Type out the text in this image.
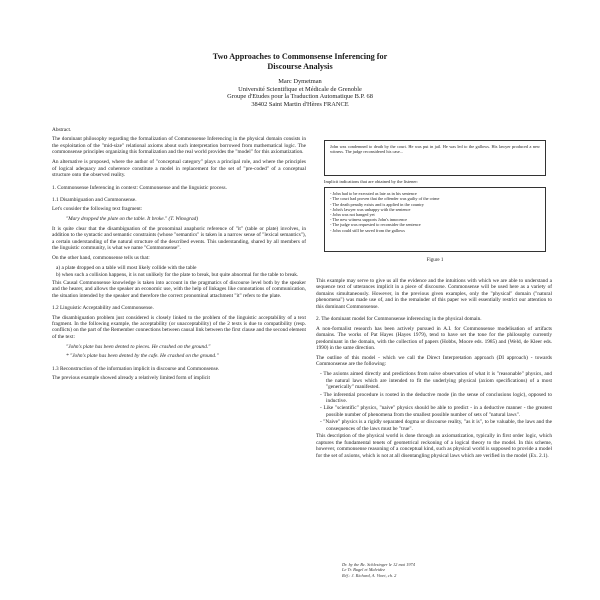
Two Approaches to Commonsense Inferencing for
Discourse Analysis
Marc Dymetman
Université Scientifique et Médicale de Grenoble
Groupe d'Etudes pour la Traduction Automatique B.P. 68
38402 Saint Martin d'Hères FRANCE

Abstract.

The dominant philosophy regarding the formalization of Commonsense Inferencing in the physical domain consists in the exploitation of the "mid-size" relational axioms about such interpretation borrowed from mathematical logic. The commonsense principles organizing this formalization and the real world provides the "model" for this axiomatization.

An alternative is proposed, where the author of "conceptual category" plays a principal role, and where the principles of logical adequacy and coherence constitute a model in replacement for the set of "pre-coded" of a conceptual structure onto the observed reality.

1. Commonsense Inferencing in context: Commonsense and the linguistic process.

1.1 Disambiguation and Commonsense.

Let's consider the following text fragment:

"Mary dropped the plate on the table. It broke." (T. Winograd)

It is quite clear that the disambiguation of the pronominal anaphoric reference of "it" (table or plate) involves, in addition to the syntactic and semantic constraints (whose "semantics" is taken in a narrow sense of "lexical semantics"), a certain understanding of the natural structure of the described events. This understanding, shared by all members of the linguistic community, is what we name "Commonsense".

On the other hand, commonsense tells us that:

a) a plate dropped on a table will most likely collide with the table

b) when such a collision happens, it is not unlikely for the plate to break, but quite abnormal for the table to break.

This Causal Commonsense knowledge is taken into account in the pragmatics of discourse level both by the speaker and the hearer, and allows the speaker an economic use, with the help of linkages like connotations of communication, the situation intended by the speaker and therefore the correct pronominal attachment "it" refers to the plate.

1.2 Linguistic Acceptability and Commonsense.

The disambiguation problem just considered is closely linked to the problem of the linguistic acceptability of a text fragment. In the following example, the acceptability (or unacceptability) of the 2 texts is due to compatibility (resp. conflicts) on the part of the Remember connections between causal link between the first clause and the second element of the text:

"John's plate has been dented to pieces. He crashed on the ground."

* "John's plate has been dented by the cafe. He crashed on the ground."

1.3 Reconstruction of the information implicit in discourse and Commonsense.

The previous example showed already a relatively limited form of implicit

John was condemned to death by the court. He was put in jail. He was led to the gallows. His lawyer produced a new witness. The judge reconsidered his case...
Implicit indications that are obtained by the listener:
- John had to be executed as late as in his sentence
- The court had proven that the offender was guilty of the crime
- The death penalty exists and is applied in the country
- John's lawyer was unhappy with the sentence
- John was not hanged yet
- The new witness supports John's innocence
- The judge was requested to reconsider the sentence
- John could still be saved from the gallows
Figure 1

This example may serve to give us all the evidence and the intuitions with which we are able to understand a sequence text of utterances implicit in a piece of discourse. Commonsense will be used here as a variety of domains simultaneously. However, in the previous given examples, only the "physical" domain ("natural phenomena") was made use of, and in the remainder of this paper we will essentially restrict our attention to this dominant Commonsense.

2. The dominant model for Commonsense inferencing in the physical domain.

A non-formalist research has been actively pursued in A.I. for Commonsense modelisation of artifacts domains. The works of Pat Hayes (Hayes 1979), tend to have set the tone for the philosophy currently predominant in the domain, with the collection of papers (Hobbs, Moore eds. 1985) and (Weld, de Kleer eds. 1990) in the same direction.

The outline of this model - which we call the Direct Interpretation approach (DI approach) - towards Commonsense are the following:

- The axioms aimed directly and predictions from naive observation of what it is "reasonable" physics, and the natural laws which are intended to fit the underlying physical (axiom specifications) of a most "generically" manifested.

- The inferential procedure is rooted in the deductive mode (in the sense of conclusions logic), opposed to inductive.

- Like "scientific" physics, "naive" physics should be able to predict - in a deductive manner - the greatest possible number of phenomena from the smallest possible number of sets of "natural laws".

- "Naive" physics is a rigidly separated dogma or discourse reality, "as it is", to be valuable, the laws and the consequences of the laws must be "true".

This description of the physical world is done through an axiomatization, typically in first order logic, which captures the fundamental tenets of geometrical reckoning of a logical theory to the model. In this scheme, however, commonsense reasoning of a conceptual kind, such as physical world is supposed to provide a model for the set of axioms, which is not at all disentangling physical laws which are verified in the model (Ex. 2.1).

Dr. by the Bc. Schlesinger le 12 mai 1974
Le Tr. Bugel et Malvidez
Réf.: J. Richard, A. Vinet, ch. 2
